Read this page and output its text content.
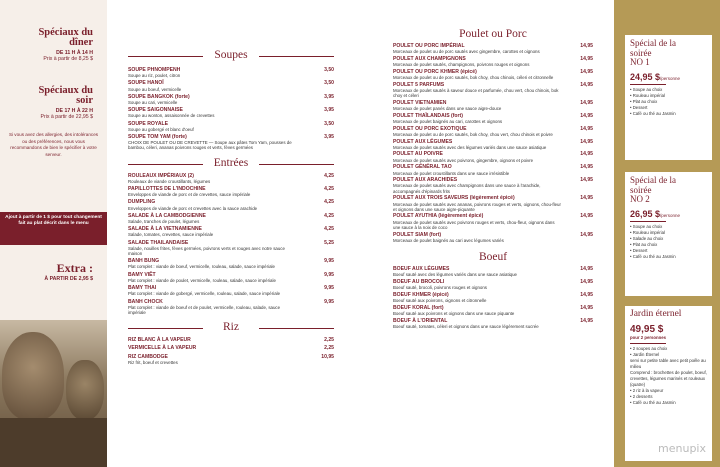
Spéciaux du dîner
DE 11 H À 14 H
Prix à partir de 8,25 $
Spéciaux du soir
DE 17 H À 22 H
Prix à partir de 22,95 $
Si vous avez des allergies, des intolérances ou des préférences, nous vous recommandons de bien le spécifier à votre serveur.
Ajout à partir de 1 $ pour tout changement fait au plat décrit dans le menu
Extra :
À PARTIR DE 2,95 $
Soupes
SOUPE PHNOMPENH	3,50
Soupe au riz, poulet, citron
SOUPE HANOÏ	3,50
Soupe au boeuf, vermicelle
SOUPE BANGKOK (forte)	3,95
Soupe au cari, vermicelle
SOUPE SAIGONNAISE	3,95
Soupe au wonton, assaisonnée de crevettes
SOUPE ROYALE	3,50
Soupe au gobergé et blanc d'oeuf
SOUPE TOM YAM (forte)	3,95
CHOIX DE POULET OU DE CREVETTE — Soupe aux pâtes Tom Yam, pousses de bambou, céleri, ananas poivrons rouges et verts, fèves germées
Entrées
ROULEAUX IMPÉRIAUX (2)	4,25
Rouleaux de viande croustillants, légumes
PAPILLOTTES DE L'INDOCHINE	4,25
Enveloppes de viande de porc et de crevettes, sauce impériale
DUMPLING	4,25
Enveloppes de viande de porc et crevettes avec la sauce arachide
SALADE À LA CAMBODGIENNE	4,25
Salade, tranches de poulet, légumes
SALADE À LA VIETNAMIENNE	4,25
Salade, tomates, crevettes, sauce impériale
SALADE THAILANDAISE	5,25
Salade, nouilles frites, fèves germées, poivrons verts et rouges avec notre sauce maison
BANH BUNG	9,95
Plat complet : viande de boeuf, vermicelle, rouleau, salade, sauce impériale
BAMY VIÊT	9,95
Plat complet : viande de poulet, vermicelle, rouleau, salade, sauce impériale
BAMY THAI	9,95
Plat complet : viande de gobergé, vermicelle, rouleau, salade, sauce impériale
BANH CHOCK	9,95
Plat complet : viande de boeuf et de poulet, vermicelle, rouleau, salade, sauce impériale
Riz
RIZ BLANC À LA VAPEUR	2,25
VERMICELLE À LA VAPEUR	2,25
RIZ CAMBODGE	10,95
Riz frit, boeuf et crevettes
Poulet ou Porc
POULET OU PORC IMPÉRIAL	14,95
Morceaux de poulet ou de porc sautés avec gingembre, carottes et oignons
POULET AUX CHAMPIGNONS	14,95
Morceaux de poulet sautés, champignons, poivrons rouges et oignons
POULET OU PORC KHMER (épicé)	14,95
Morceaux de poulet ou de porc sautés, bok choy, chou chinois, céleri et citronnelle
POULET 5 PARFUMS	14,95
Morceaux de poulet sautés à saveur douce et parfumée, chou vert, chou chinois, bok choy et céleri
POULET VIETNAMIEN	14,95
Morceaux de poulet panés dans une sauce aigre-douce
POULET THAÏLANDAIS (fort)	14,95
Morceaux de poulet baignés au cari, carottes et oignons
POULET OU PORC EXOTIQUE	14,95
Morceaux de poulet ou de porc sautés, bok choy, chou vert, chou chinois et poivre
POULET AUX LÉGUMES	14,95
Morceaux de poulet sautés avec des légumes variés dans une sauce asiatique
POULET AU POIVRE	14,95
Morceaux de poulet sautés avec poivrons, gingembre, oignons et poivre
POULET GÉNÉRAL TAO	14,95
Morceaux de poulet croustillants dans une sauce irrésistible
POULET AUX ARACHIDES	14,95
Morceaux de poulet sautés avec champignons dans une sauce à l'arachide, accompagnés d'épinards frits
POULET AUX TROIS SAVEURS (légèrement épicé)	14,95
Morceaux de poulet sautés avec ananas, poivrons rouges et verts, oignons, chou-fleur et oignons dans une sauce aigre-piquante
POULET AYUTHIA (légèrement épicé)	14,95
Morceaux de poulet sautés avec poivrons rouges et verts, chou-fleur, oignons dans une sauce à la noix de coco
POULET SIAM (fort)	14,95
Morceaux de poulet baignés au cari avec légumes variés
Boeuf
BOEUF AUX LÉGUMES	14,95
Boeuf sauté avec des légumes variés dans une sauce asiatique
BOEUF AU BROCOLI	14,95
Boeuf sauté, brocoli, poivrons rouges et oignons
BOEUF KHMER (épicé)	14,95
Boeuf sauté aux poivrons, oignons et citronnelle
BOEUF KORAL (fort)	14,95
Boeuf sauté aux poivrons et oignons dans une sauce piquante
BOEUF À L'ORIENTAL	14,95
Boeuf sauté, tomates, céleri et oignons dans une sauce légèrement sucrée
Spécial de la soirée
NO 1
24,95 $/personne
• Soupe au choix
• Rouleau impérial
• Plat au choix
• Dessert
• Café ou thé au Jasmin
Spécial de la soirée
NO 2
26,95 $/personne
• Soupe au choix
• Rouleau impérial
• Salade au choix
• Plat au choix
• Dessert
• Café ou thé au Jasmin
Jardin éternel
49,95 $
pour 2 personnes
• 2 soupes au choix
• Jardin Éternel
servi sur petite table avec petit poêle au milieu
Comprend : brochettes de poulet, boeuf, crevettes, légumes marinés et rouleaux (quatre)
• 2 riz à la vapeur
• 2 desserts
• Café ou thé au Jasmin
menupix
